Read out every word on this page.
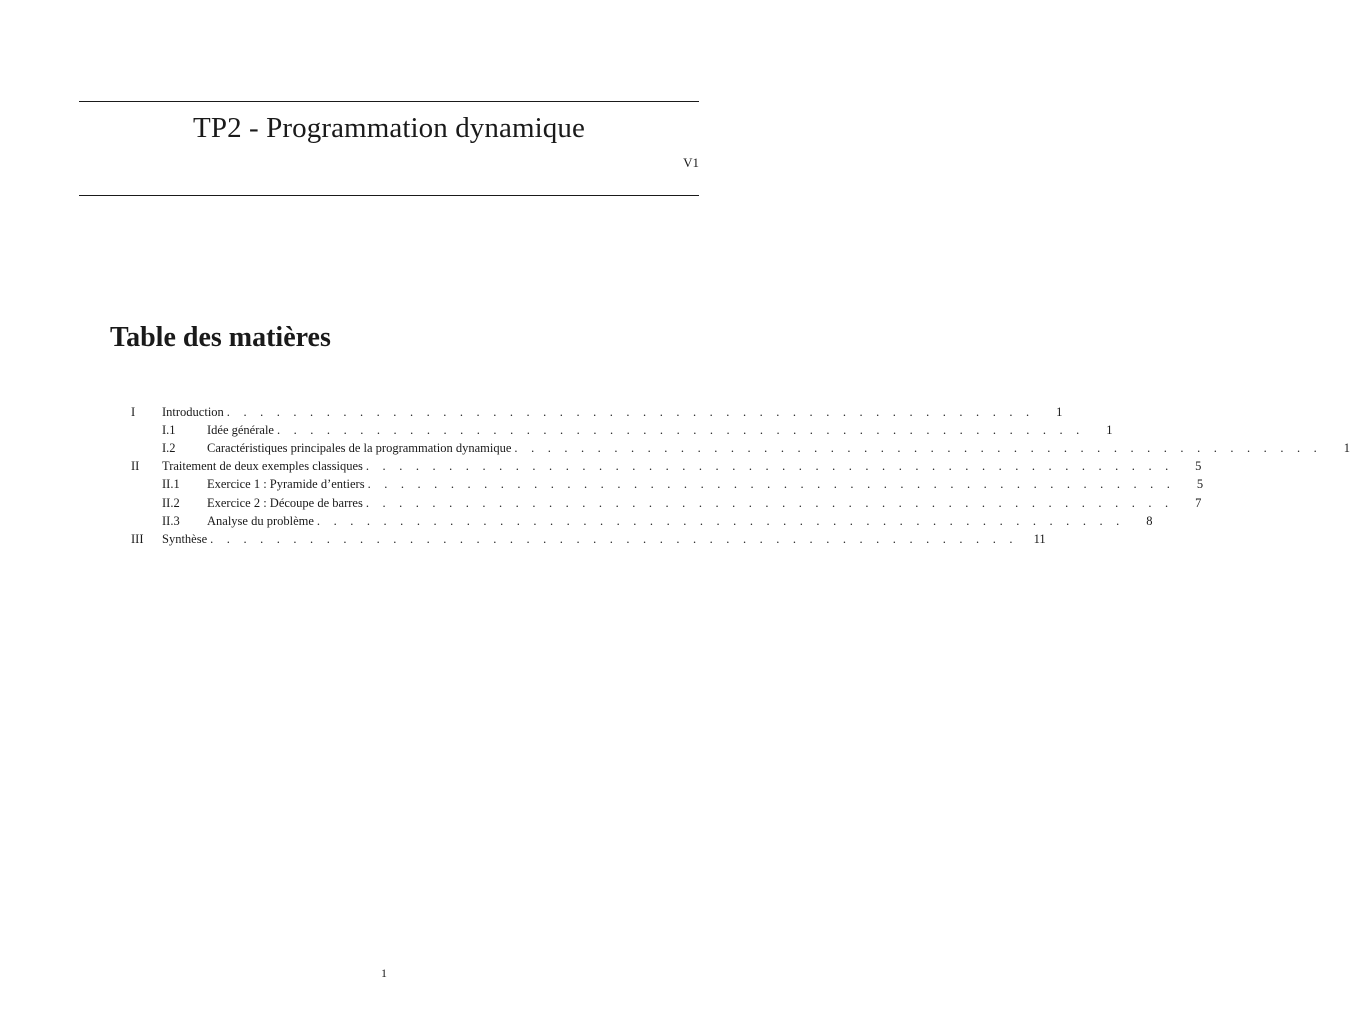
TP2 - Programmation dynamique
V1
Table des matières
I	Introduction . . . . . . . . . . . . . . . . . . . . . . . . . . . . . . . . . . . . . . . . . . . . . . . . .	1
I.1	Idée générale . . . . . . . . . . . . . . . . . . . . . . . . . . . . . . . . . . . . . . . . . . . . . . . . .	1
I.2	Caractéristiques principales de la programmation dynamique . . . . . . . . . . . . . . . . . . . . . . . . . . . . . . . . . . . . . . . . . . . . . . . . .	1
II	Traitement de deux exemples classiques . . . . . . . . . . . . . . . . . . . . . . . . . . . . . . . . . . . . . . . . . . . . . . . . .	5
II.1	Exercice 1 : Pyramide d’entiers . . . . . . . . . . . . . . . . . . . . . . . . . . . . . . . . . . . . . . . . . . . . . . . . .	5
II.2	Exercice 2 : Découpe de barres . . . . . . . . . . . . . . . . . . . . . . . . . . . . . . . . . . . . . . . . . . . . . . . . .	7
II.3	Analyse du problème . . . . . . . . . . . . . . . . . . . . . . . . . . . . . . . . . . . . . . . . . . . . . . . . .	8
III	Synthèse . . . . . . . . . . . . . . . . . . . . . . . . . . . . . . . . . . . . . . . . . . . . . . . . .	11
1
